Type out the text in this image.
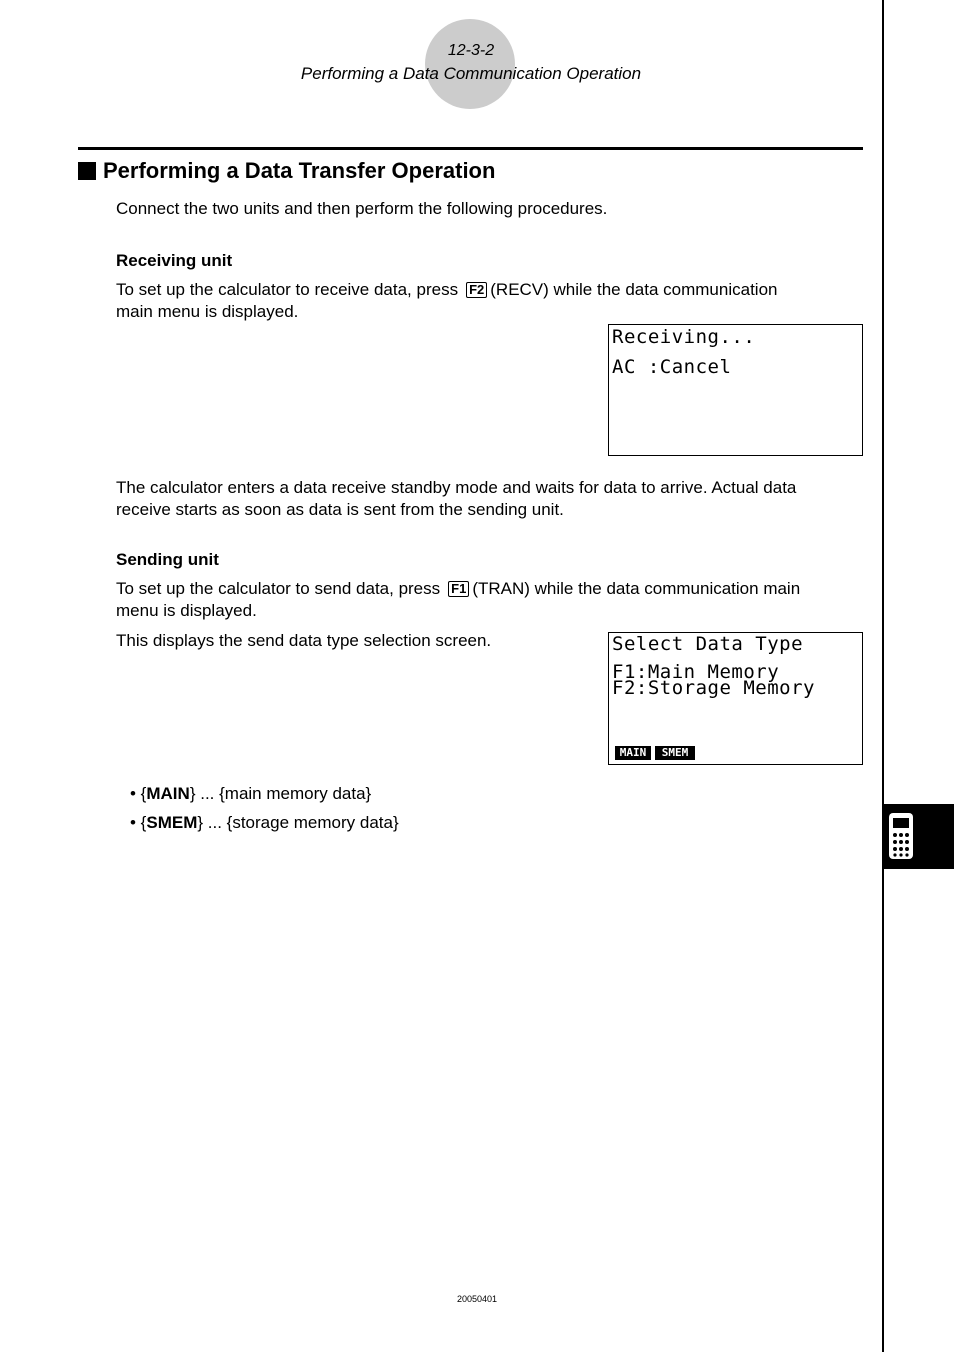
12-3-2
Performing a Data Communication Operation
Performing a Data Transfer Operation
Connect the two units and then perform the following procedures.
Receiving unit
To set up the calculator to receive data, press F2 (RECV) while the data communication
main menu is displayed.
Receiving...
AC :Cancel
The calculator enters a data receive standby mode and waits for data to arrive. Actual data
receive starts as soon as data is sent from the sending unit.
Sending unit
To set up the calculator to send data, press F1 (TRAN) while the data communication main
menu is displayed.
This displays the send data type selection screen.	Select Data Type
F1:Main Memory
F2:Storage Memory
MAIN	SMEM
• {MAIN} ... {main memory data}
• {SMEM} ... {storage memory data}
20050401
